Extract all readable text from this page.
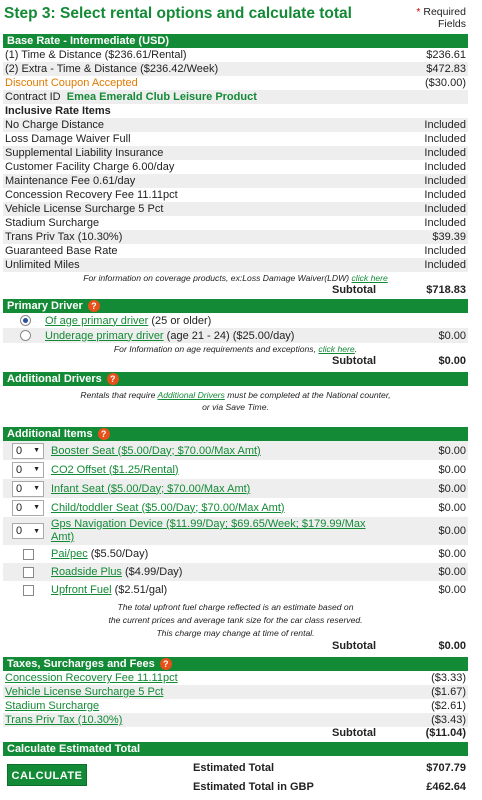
Step 3: Select rental options and calculate total	* Required
Fields
Base Rate - Intermediate (USD)
(1) Time & Distance ($236.61/Rental)	$236.61
(2) Extra - Time & Distance ($236.42/Week)	$472.83
Discount Coupon Accepted	($30.00)
Contract ID Emea Emerald Club Leisure Product
Inclusive Rate Items
No Charge Distance	Included
Loss Damage Waiver Full	Included
Supplemental Liability Insurance	Included
Customer Facility Charge 6.00/day	Included
Maintenance Fee 0.61/day	Included
Concession Recovery Fee 11.11pct	Included
Vehicle License Surcharge 5 Pct	Included
Stadium Surcharge	Included
Trans Priv Tax (10.30%)	$39.39
Guaranteed Base Rate	Included
Unlimited Miles	Included
For information on coverage products, ex:Loss Damage Waiver(LDW) click here
Subtotal	$718.83
Primary Driver ?
Of age primary driver (25 or older)
Underage primary driver (age 21 - 24) ($25.00/day)	$0.00
For Information on age requirements and exceptions, click here.
Subtotal	$0.00
Additional Drivers ?
Rentals that require Additional Drivers must be completed at the National counter,
or via Save Time.
Additional Items ?
0 ▼ Booster Seat ($5.00/Day; $70.00/Max Amt)	$0.00
0 ▼ CO2 Offset ($1.25/Rental)	$0.00
0 ▼ Infant Seat ($5.00/Day; $70.00/Max Amt)	$0.00
0 ▼ Child/toddler Seat ($5.00/Day; $70.00/Max Amt)	$0.00
0 ▼
Gps Navigation Device ($11.99/Day; $69.65/Week; $179.99/Max Amt)	$0.00
Pai/pec ($5.50/Day)	$0.00
Roadside Plus ($4.99/Day)	$0.00
Upfront Fuel ($2.51/gal)	$0.00
The total upfront fuel charge reflected is an estimate based on
the current prices and average tank size for the car class reserved.
This charge may change at time of rental.
Subtotal	$0.00
Taxes, Surcharges and Fees ?
Concession Recovery Fee 11.11pct	($3.33)
Vehicle License Surcharge 5 Pct	($1.67)
Stadium Surcharge	($2.61)
Trans Priv Tax (10.30%)	($3.43)
Subtotal	($11.04)
Calculate Estimated Total
CALCULATE
Estimated Total	$707.79
Estimated Total in GBP	£462.64
